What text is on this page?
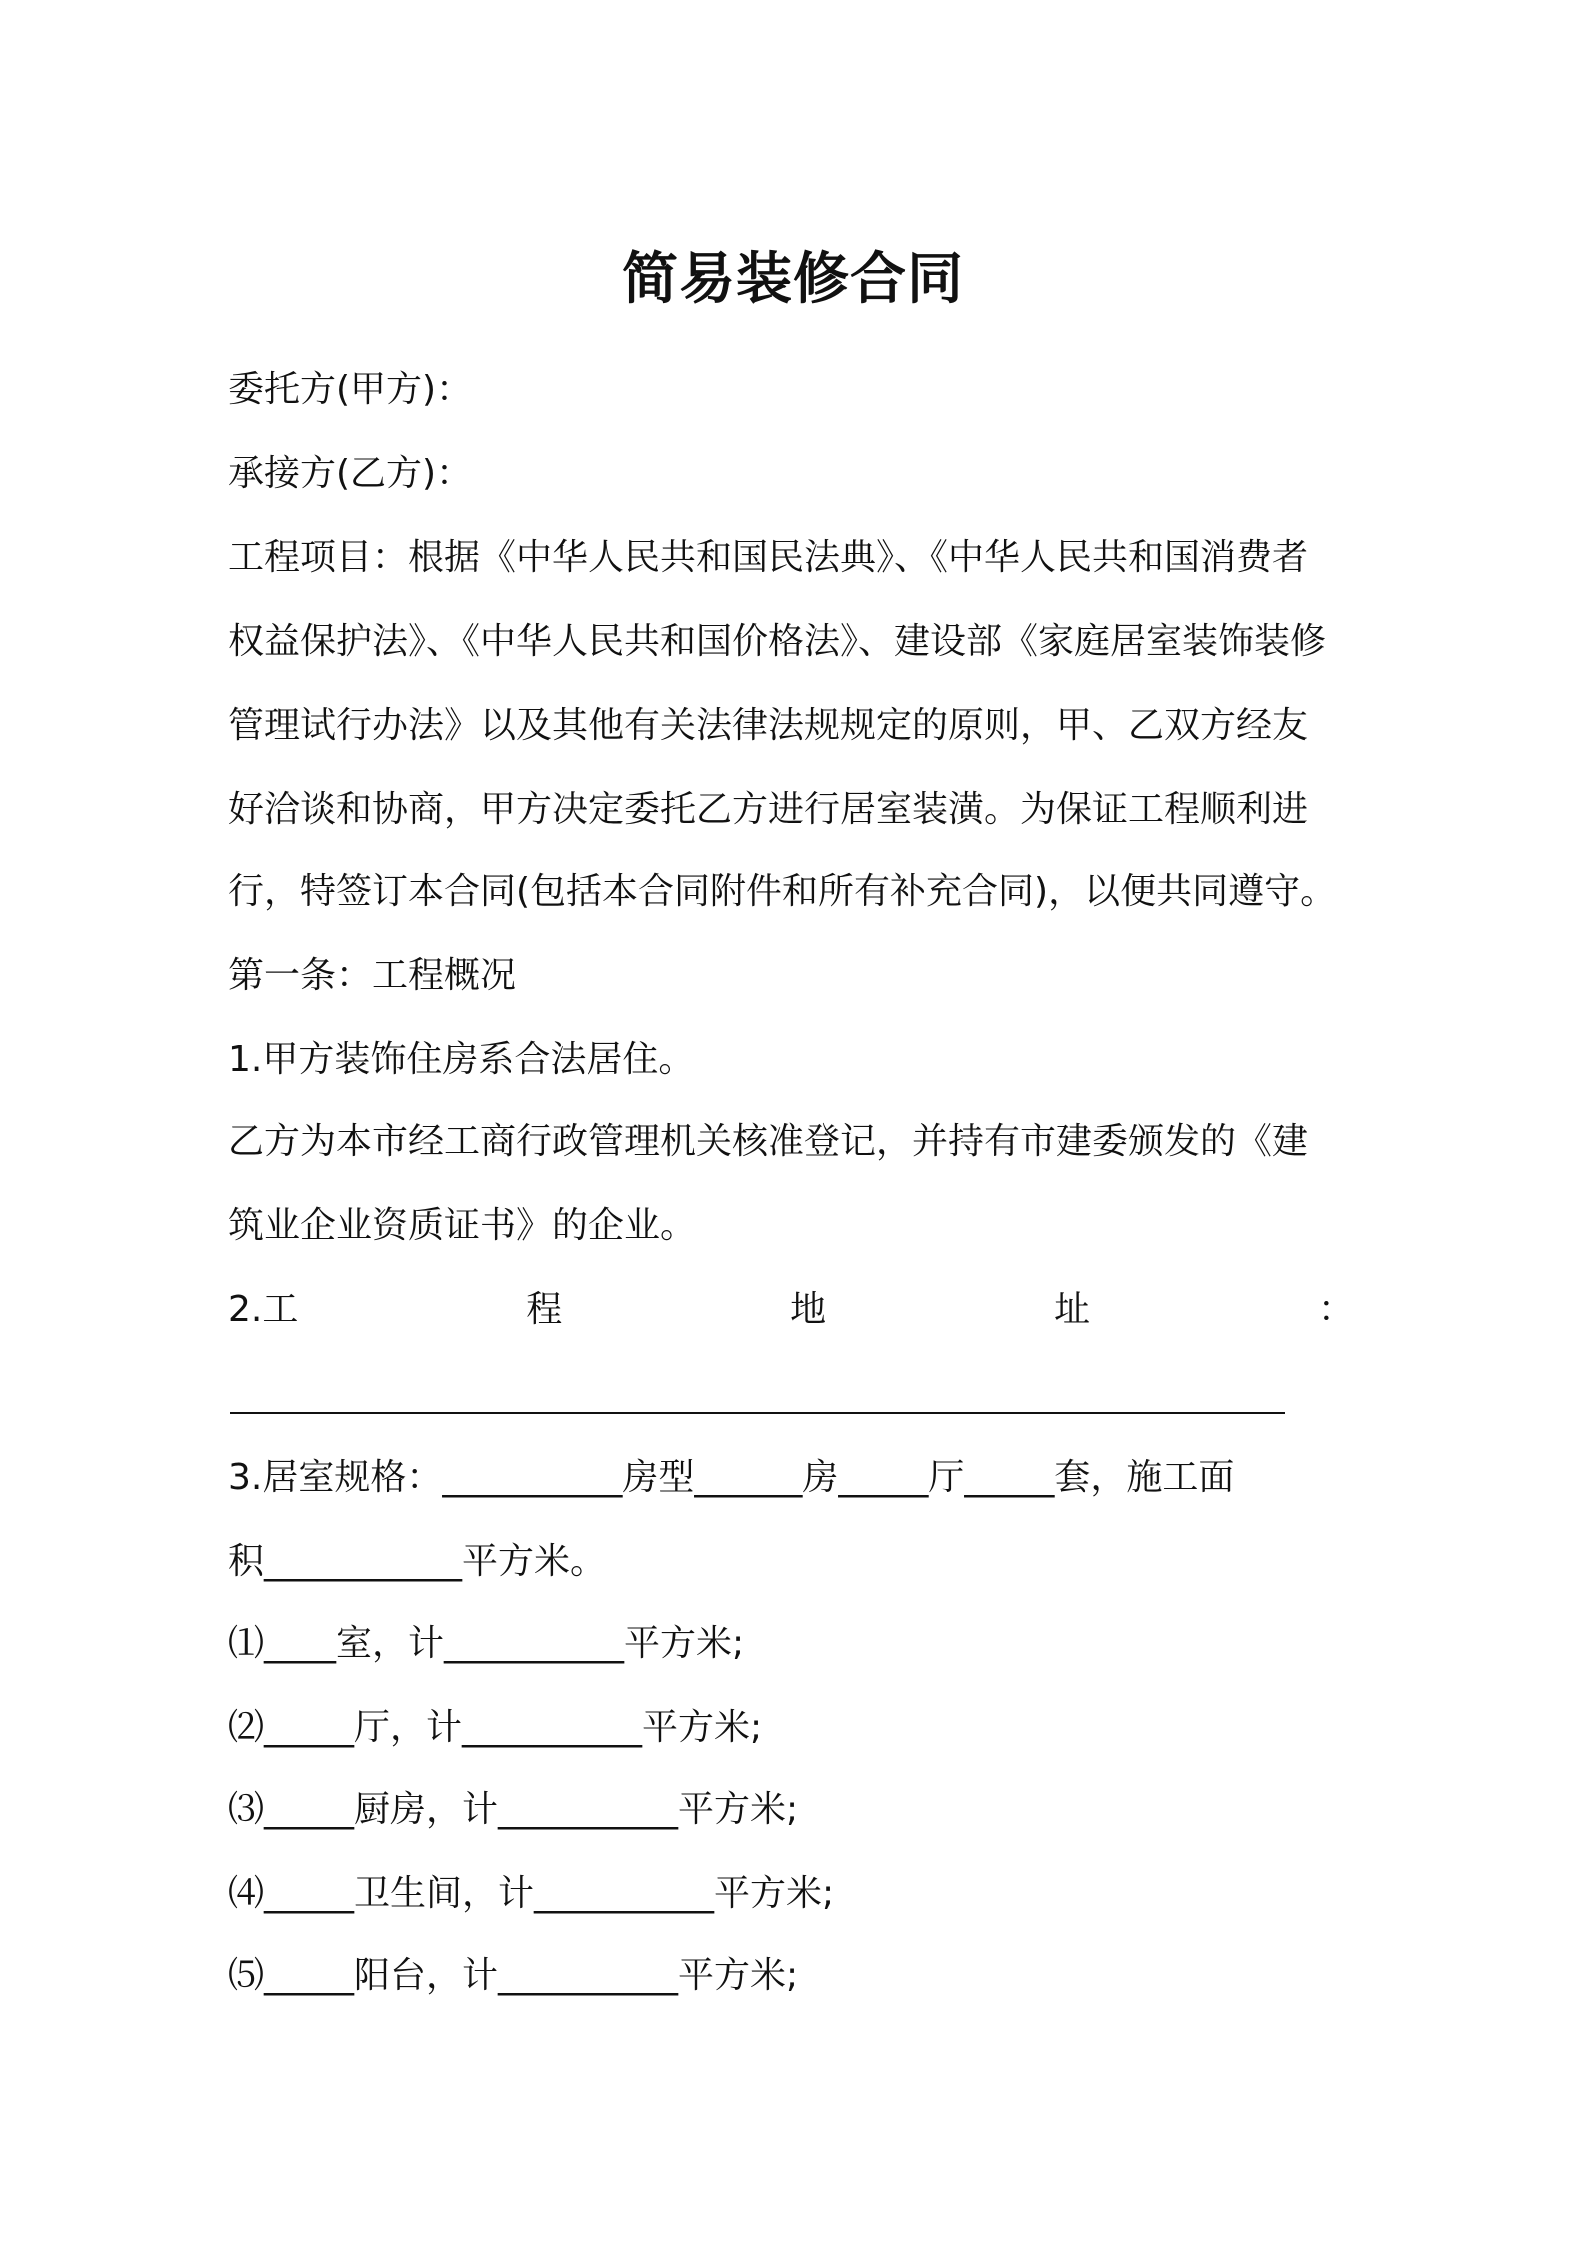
简易装修合同
委托方(甲方)：
承接方(乙方)：
工程项目：根据《中华人民共和国民法典》、《中华人民共和国消费者
权益保护法》、《中华人民共和国价格法》、建设部《家庭居室装饰装修
管理试行办法》以及其他有关法律法规规定的原则，甲、乙双方经友
好洽谈和协商，甲方决定委托乙方进行居室装潢。为保证工程顺利进
行，特签订本合同(包括本合同附件和所有补充合同)，以便共同遵守。
第一条：工程概况
1.甲方装饰住房系合法居住。
乙方为本市经工商行政管理机关核准登记，并持有市建委颁发的《建
筑业企业资质证书》的企业。
2.工	程	地	址	：
3.居室规格：__________房型______房_____厅_____套，施工面
积___________平方米。
⑴____室，计__________平方米;
⑵_____厅，计__________平方米;
⑶_____厨房，计__________平方米;
⑷_____卫生间，计__________平方米;
⑸_____阳台，计__________平方米;
